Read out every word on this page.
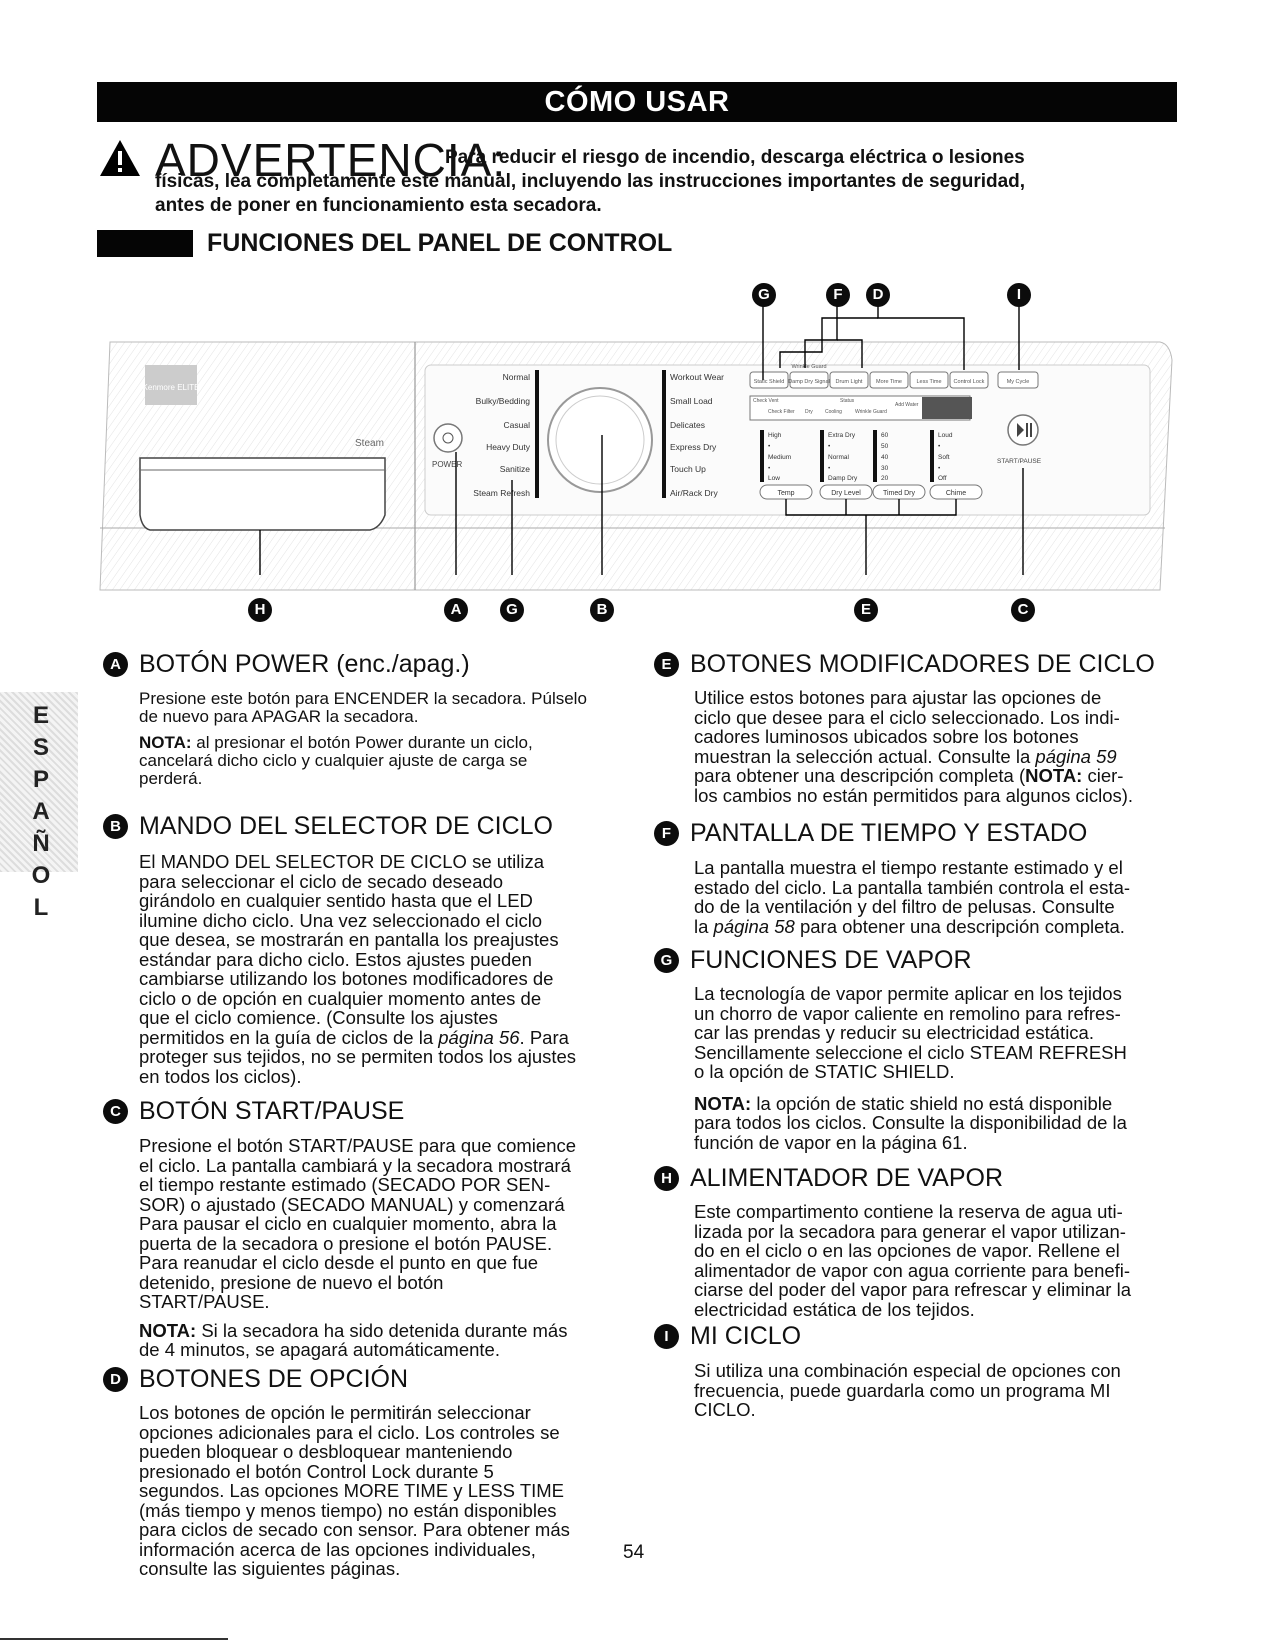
CÓMO USAR
ADVERTENCIA:
Para reducir el riesgo de incendio, descarga eléctrica o lesiones
físicas, lea completamente este manual, incluyendo las instrucciones importantes de seguridad,
antes de poner en funcionamiento esta secadora.
FUNCIONES DEL PANEL DE CONTROL
Kenmore ELITE
Steam
POWER
Normal
Bulky/Bedding
Casual
Heavy Duty
Sanitize
Steam Refresh
Workout Wear
Small Load
Delicates
Express Dry
Touch Up
Air/Rack Dry
Static Shield Damp Dry Signal Drum Light More Time	Less Time Control Lock	My Cycle
Wrinkle Guard
Check Vent	Status
Check Filter Dry Cooling	Wrinkle Guard
Add Water
START/PAUSE
High
•
Medium
•
Low
Extra Dry
•
Normal
•
Damp Dry
60
50
40
30
20
Loud
•
Soft
•
Off
Temp	Dry Level	Timed Dry	Chime
G	F	D	I
H	A	G	B	E	C
E
S
P
A
Ñ
O
L
A BOTÓN POWER (enc./apag.)
Presione este botón para ENCENDER la secadora. Púlselo
de nuevo para APAGAR la secadora.
NOTA: al presionar el botón Power durante un ciclo,
cancelará dicho ciclo y cualquier ajuste de carga se
perderá.
B MANDO DEL SELECTOR DE CICLO
El MANDO DEL SELECTOR DE CICLO se utiliza
para seleccionar el ciclo de secado deseado
girándolo en cualquier sentido hasta que el LED
ilumine dicho ciclo. Una vez seleccionado el ciclo
que desea, se mostrarán en pantalla los preajustes
estándar para dicho ciclo. Estos ajustes pueden
cambiarse utilizando los botones modificadores de
ciclo o de opción en cualquier momento antes de
que el ciclo comience. (Consulte los ajustes
permitidos en la guía de ciclos de la página 56. Para
proteger sus tejidos, no se permiten todos los ajustes
en todos los ciclos).
C BOTÓN START/PAUSE
Presione el botón START/PAUSE para que comience
el ciclo. La pantalla cambiará y la secadora mostrará
el tiempo restante estimado (SECADO POR SEN-
SOR) o ajustado (SECADO MANUAL) y comenzará
Para pausar el ciclo en cualquier momento, abra la
puerta de la secadora o presione el botón PAUSE.
Para reanudar el ciclo desde el punto en que fue
detenido, presione de nuevo el botón
START/PAUSE.
NOTA: Si la secadora ha sido detenida durante más
de 4 minutos, se apagará automáticamente.
D BOTONES DE OPCIÓN
Los botones de opción le permitirán seleccionar
opciones adicionales para el ciclo. Los controles se
pueden bloquear o desbloquear manteniendo
presionado el botón Control Lock durante 5
segundos. Las opciones MORE TIME y LESS TIME
(más tiempo y menos tiempo) no están disponibles
para ciclos de secado con sensor. Para obtener más
información acerca de las opciones individuales,
consulte las siguientes páginas.
E BOTONES MODIFICADORES DE CICLO
Utilice estos botones para ajustar las opciones de
ciclo que desee para el ciclo seleccionado. Los indi-
cadores luminosos ubicados sobre los botones
muestran la selección actual. Consulte la página 59
para obtener una descripción completa (NOTA: cier-
los cambios no están permitidos para algunos ciclos).
F PANTALLA DE TIEMPO Y ESTADO
La pantalla muestra el tiempo restante estimado y el
estado del ciclo. La pantalla también controla el esta-
do de la ventilación y del filtro de pelusas. Consulte
la página 58 para obtener una descripción completa.
G FUNCIONES DE VAPOR
La tecnología de vapor permite aplicar en los tejidos
un chorro de vapor caliente en remolino para refres-
car las prendas y reducir su electricidad estática.
Sencillamente seleccione el ciclo STEAM REFRESH
o la opción de STATIC SHIELD.
NOTA: la opción de static shield no está disponible
para todos los ciclos. Consulte la disponibilidad de la
función de vapor en la página 61.
H ALIMENTADOR DE VAPOR
Este compartimento contiene la reserva de agua uti-
lizada por la secadora para generar el vapor utilizan-
do en el ciclo o en las opciones de vapor. Rellene el
alimentador de vapor con agua corriente para benefi-
ciarse del poder del vapor para refrescar y eliminar la
electricidad estática de los tejidos.
I MI CICLO
Si utiliza una combinación especial de opciones con
frecuencia, puede guardarla como un programa MI
CICLO.
54
